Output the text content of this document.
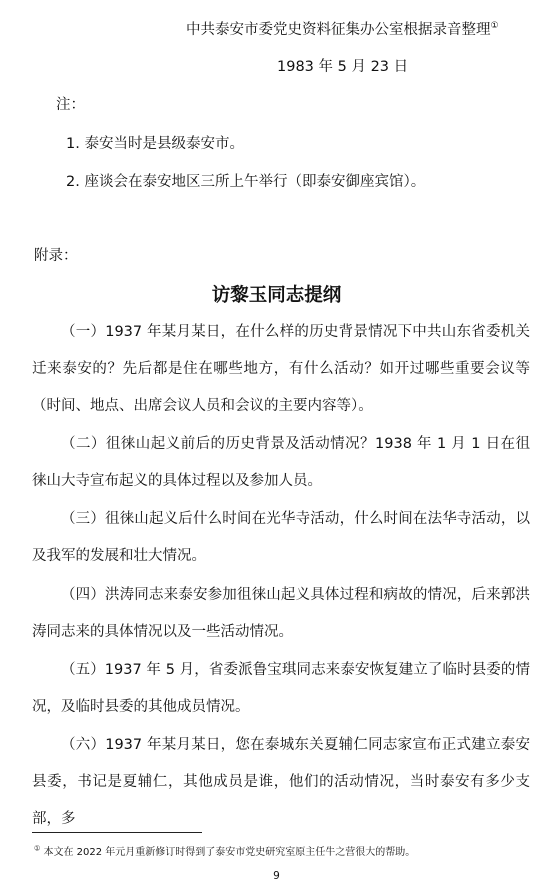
中共泰安市委党史资料征集办公室根据录音整理①
1983 年 5 月 23 日
注：
1. 泰安当时是县级泰安市。
2. 座谈会在泰安地区三所上午举行（即泰安御座宾馆）。
附录：
访黎玉同志提纲
（一）1937 年某月某日，在什么样的历史背景情况下中共山东省委机关迁来泰安的？先后都是住在哪些地方，有什么活动？如开过哪些重要会议等（时间、地点、出席会议人员和会议的主要内容等）。
（二）徂徕山起义前后的历史背景及活动情况？1938 年 1 月 1 日在徂徕山大寺宣布起义的具体过程以及参加人员。
（三）徂徕山起义后什么时间在光华寺活动，什么时间在法华寺活动，以及我军的发展和壮大情况。
（四）洪涛同志来泰安参加徂徕山起义具体过程和病故的情况，后来郭洪涛同志来的具体情况以及一些活动情况。
（五）1937 年 5 月，省委派鲁宝琪同志来泰安恢复建立了临时县委的情况，及临时县委的其他成员情况。
（六）1937 年某月某日，您在泰城东关夏辅仁同志家宣布正式建立泰安县委，书记是夏辅仁，其他成员是谁，他们的活动情况，当时泰安有多少支部，多
① 本文在 2022 年元月重新修订时得到了泰安市党史研究室原主任牛之营很大的帮助。
9
